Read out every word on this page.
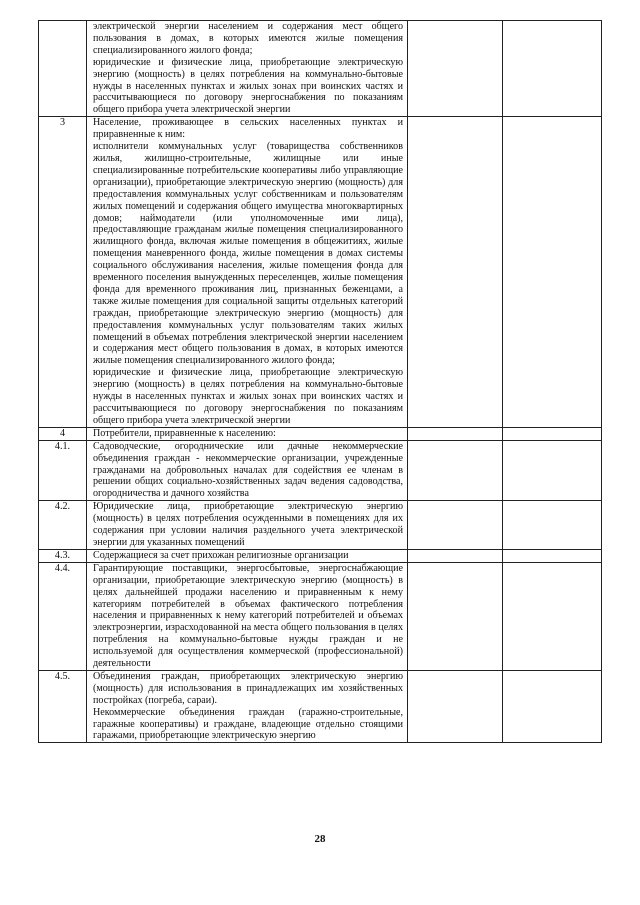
	электрической энергии населением и содержания мест общего пользования в домах, в которых имеются жилые помещения специализированного жилого фонда;

юридические и физические лица, приобретающие электрическую энергию (мощность) в целях потребления на коммунально-бытовые нужды в населенных пунктах и жилых зонах при воинских частях и рассчитывающиеся по договору энергоснабжения по показаниям общего прибора учета электрической энергии		

3	Население, проживающее в сельских населенных пунктах и приравненные к ним:

исполнители коммунальных услуг (товарищества собственников жилья, жилищно-строительные, жилищные или иные специализированные потребительские кооперативы либо управляющие организации), приобретающие электрическую энергию (мощность) для предоставления коммунальных услуг собственникам и пользователям жилых помещений и содержания общего имущества многоквартирных домов; наймодатели (или уполномоченные ими лица), предоставляющие гражданам жилые помещения специализированного жилищного фонда, включая жилые помещения в общежитиях, жилые помещения маневренного фонда, жилые помещения в домах системы социального обслуживания населения, жилые помещения фонда для временного поселения вынужденных переселенцев, жилые помещения фонда для временного проживания лиц, признанных беженцами, а также жилые помещения для социальной защиты отдельных категорий граждан, приобретающие электрическую энергию (мощность) для предоставления коммунальных услуг пользователям таких жилых помещений в объемах потребления электрической энергии населением и содержания мест общего пользования в домах, в которых имеются жилые помещения специализированного жилого фонда;

юридические и физические лица, приобретающие электрическую энергию (мощность) в целях потребления на коммунально-бытовые нужды в населенных пунктах и жилых зонах при воинских частях и рассчитывающиеся по договору энергоснабжения по показаниям общего прибора учета электрической энергии		

4	Потребители, приравненные к населению:		

4.1.	Садоводческие, огороднические или дачные некоммерческие объединения граждан - некоммерческие организации, учрежденные гражданами на добровольных началах для содействия ее членам в решении общих социально-хозяйственных задач ведения садоводства, огородничества и дачного хозяйства		

4.2.	Юридические лица, приобретающие электрическую энергию (мощность) в целях потребления осужденными в помещениях для их содержания при условии наличия раздельного учета электрической энергии для указанных помещений		

4.3.	Содержащиеся за счет прихожан религиозные организации		

4.4.	Гарантирующие поставщики, энергосбытовые, энергоснабжающие организации, приобретающие электрическую энергию (мощность) в целях дальнейшей продажи населению и приравненным к нему категориям потребителей в объемах фактического потребления населения и приравненных к нему категорий потребителей и объемах электроэнергии, израсходованной на места общего пользования в целях потребления на коммунально-бытовые нужды граждан и не используемой для осуществления коммерческой (профессиональной) деятельности		

4.5.	Объединения граждан, приобретающих электрическую энергию (мощность) для использования в принадлежащих им хозяйственных постройках (погреба, сараи).

Некоммерческие объединения граждан (гаражно-строительные, гаражные кооперативы) и граждане, владеющие отдельно стоящими гаражами, приобретающие электрическую энергию		

28
